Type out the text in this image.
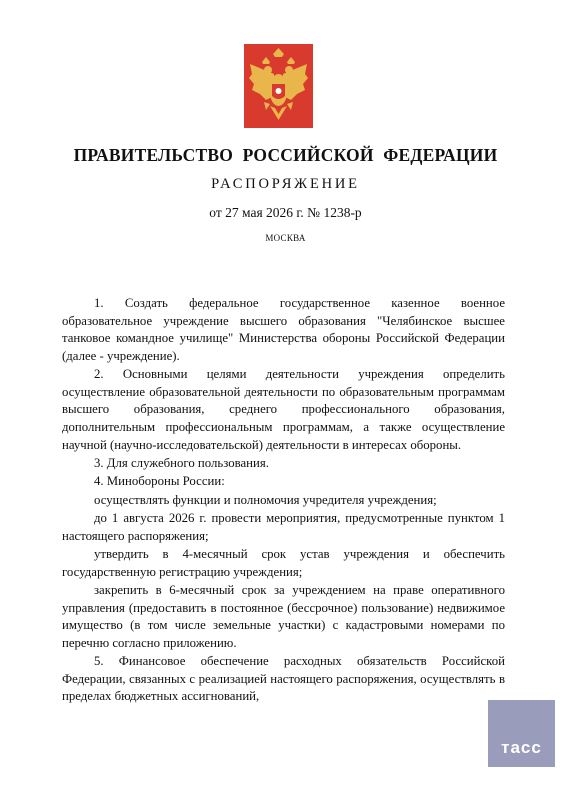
ПРАВИТЕЛЬСТВО РОССИЙСКОЙ ФЕДЕРАЦИИ
РАСПОРЯЖЕНИЕ
от 27 мая 2026 г. № 1238-р
МОСКВА

1. Создать федеральное государственное казенное военное образовательное учреждение высшего образования "Челябинское высшее танковое командное училище" Министерства обороны Российской Федерации (далее - учреждение).

2. Основными целями деятельности учреждения определить осуществление образовательной деятельности по образовательным программам высшего образования, среднего профессионального образования, дополнительным профессиональным программам, а также осуществление научной (научно-исследовательской) деятельности в интересах обороны.

3. Для служебного пользования.

4. Минобороны России:

осуществлять функции и полномочия учредителя учреждения;

до 1 августа 2026 г. провести мероприятия, предусмотренные пунктом 1 настоящего распоряжения;

утвердить в 4-месячный срок устав учреждения и обеспечить государственную регистрацию учреждения;

закрепить в 6-месячный срок за учреждением на праве оперативного управления (предоставить в постоянное (бессрочное) пользование) недвижимое имущество (в том числе земельные участки) с кадастровыми номерами по перечню согласно приложению.

5. Финансовое обеспечение расходных обязательств Российской Федерации, связанных с реализацией настоящего распоряжения, осуществлять в пределах бюджетных ассигнований,

тасс
